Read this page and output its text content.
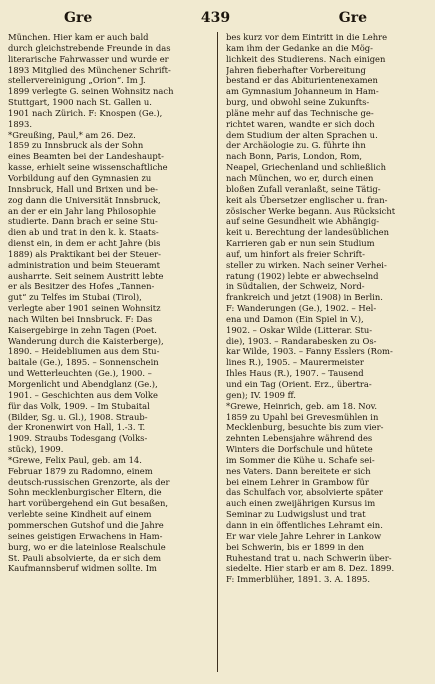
Gre	439	Gre
München. Hier kam er auch bald
durch gleichstrebende Freunde in das
literarische Fahrwasser und wurde er
1893 Mitglied des Münchener Schrift-
stellervereinigung „Orion“. Im J.
1899 verlegte G. seinen Wohnsitz nach
Stuttgart, 1900 nach St. Gallen u.
1901 nach Zürich. F: Knospen (Ge.),
1893.
*Greußing, Paul,* am 26. Dez.
1859 zu Innsbruck als der Sohn
eines Beamten bei der Landeshaupt-
kasse, erhielt seine wissenschaftliche
Vorbildung auf den Gymnasien zu
Innsbruck, Hall und Brixen und be-
zog dann die Universität Innsbruck,
an der er ein Jahr lang Philosophie
studierte. Dann brach er seine Stu-
dien ab und trat in den k. k. Staats-
dienst ein, in dem er acht Jahre (bis
1889) als Praktikant bei der Steuer-
administration und beim Steueramt
ausharrte. Seit seinem Austritt lebte
er als Besitzer des Hofes „Tannen-
gut“ zu Telfes im Stubai (Tirol),
verlegte aber 1901 seinen Wohnsitz
nach Wilten bei Innsbruck. F: Das
Kaisergebirge in zehn Tagen (Poet.
Wanderung durch die Kaisterberge),
1890. – Heidebliumen aus dem Stu-
baitale (Ge.), 1895. – Sonnenschein
und Wetterleuchten (Ge.), 1900. –
Morgenlicht und Abendglanz (Ge.),
1901. – Geschichten aus dem Volke
für das Volk, 1909. – Im Stubaital
(Bilder, Sg. u. Gl.), 1908. Straub-
der Kronenwirt von Hall, 1.-3. T.
1909. Straubs Todesgang (Volks-
stück), 1909.
*Grewe, Felix Paul, geb. am 14.
Februar 1879 zu Radomno, einem
deutsch-russischen Grenzorte, als der
Sohn mecklenburgischer Eltern, die
hart vorübergehend ein Gut besaßen,
verlebte seine Kindheit auf einem
pommerschen Gutshof und die Jahre
seines geistigen Erwachens in Ham-
burg, wo er die lateinlose Realschule
St. Pauli absolvierte, da er sich dem
Kaufmannsberuf widmen sollte. Im
bes kurz vor dem Eintritt in die Lehre
kam ihm der Gedanke an die Mög-
lichkeit des Studierens. Nach einigen
Jahren fieberhafter Vorbereitung
bestand er das Abiturientenexamen
am Gymnasium Johanneum in Ham-
burg, und obwohl seine Zukunfts-
pläne mehr auf das Technische ge-
richtet waren, wandte er sich doch
dem Studium der alten Sprachen u.
der Archäologie zu. G. führte ihn
nach Bonn, Paris, London, Rom,
Neapel, Griechenland und schließlich
nach München, wo er, durch einen
bloßen Zufall veranlaßt, seine Tätig-
keit als Übersetzer englischer u. fran-
zösischer Werke begann. Aus Rücksicht
auf seine Gesundheit wie Abhängig-
keit u. Berechtung der landesüblichen
Karrieren gab er nun sein Studium
auf, um hinfort als freier Schrift-
steller zu wirken. Nach seiner Verhei-
ratung (1902) lebte er abwechselnd
in Südtalien, der Schweiz, Nord-
frankreich und jetzt (1908) in Berlin.
F: Wanderungen (Ge.), 1902. – Hel-
ena und Damon (Ein Spiel in V.),
1902. – Oskar Wilde (Litterar. Stu-
die), 1903. – Randarabesken zu Os-
kar Wilde, 1903. – Fanny Esslers (Rom-
lines R.), 1905. – Maurermeister
Ihles Haus (R.), 1907. – Tausend
und ein Tag (Orient. Erz., übertra-
gen); IV. 1909 ff.
*Grewe, Heinrich, geb. am 18. Nov.
1859 zu Upahl bei Grevesmühlen in
Mecklenburg, besuchte bis zum vier-
zehnten Lebensjahre während des
Winters die Dorfschule und hütete
im Sommer die Kühe u. Schafe sei-
nes Vaters. Dann bereitete er sich
bei einem Lehrer in Grambow für
das Schulfach vor, absolvierte später
auch einen zweijährigen Kursus im
Seminar zu Ludwigslust und trat
dann in ein öffentliches Lehramt ein.
Er war viele Jahre Lehrer in Lankow
bei Schwerin, bis er 1899 in den
Ruhestand trat u. nach Schwerin über-
siedelte. Hier starb er am 8. Dez. 1899.
F: Immerblüher, 1891. 3. A. 1895.
